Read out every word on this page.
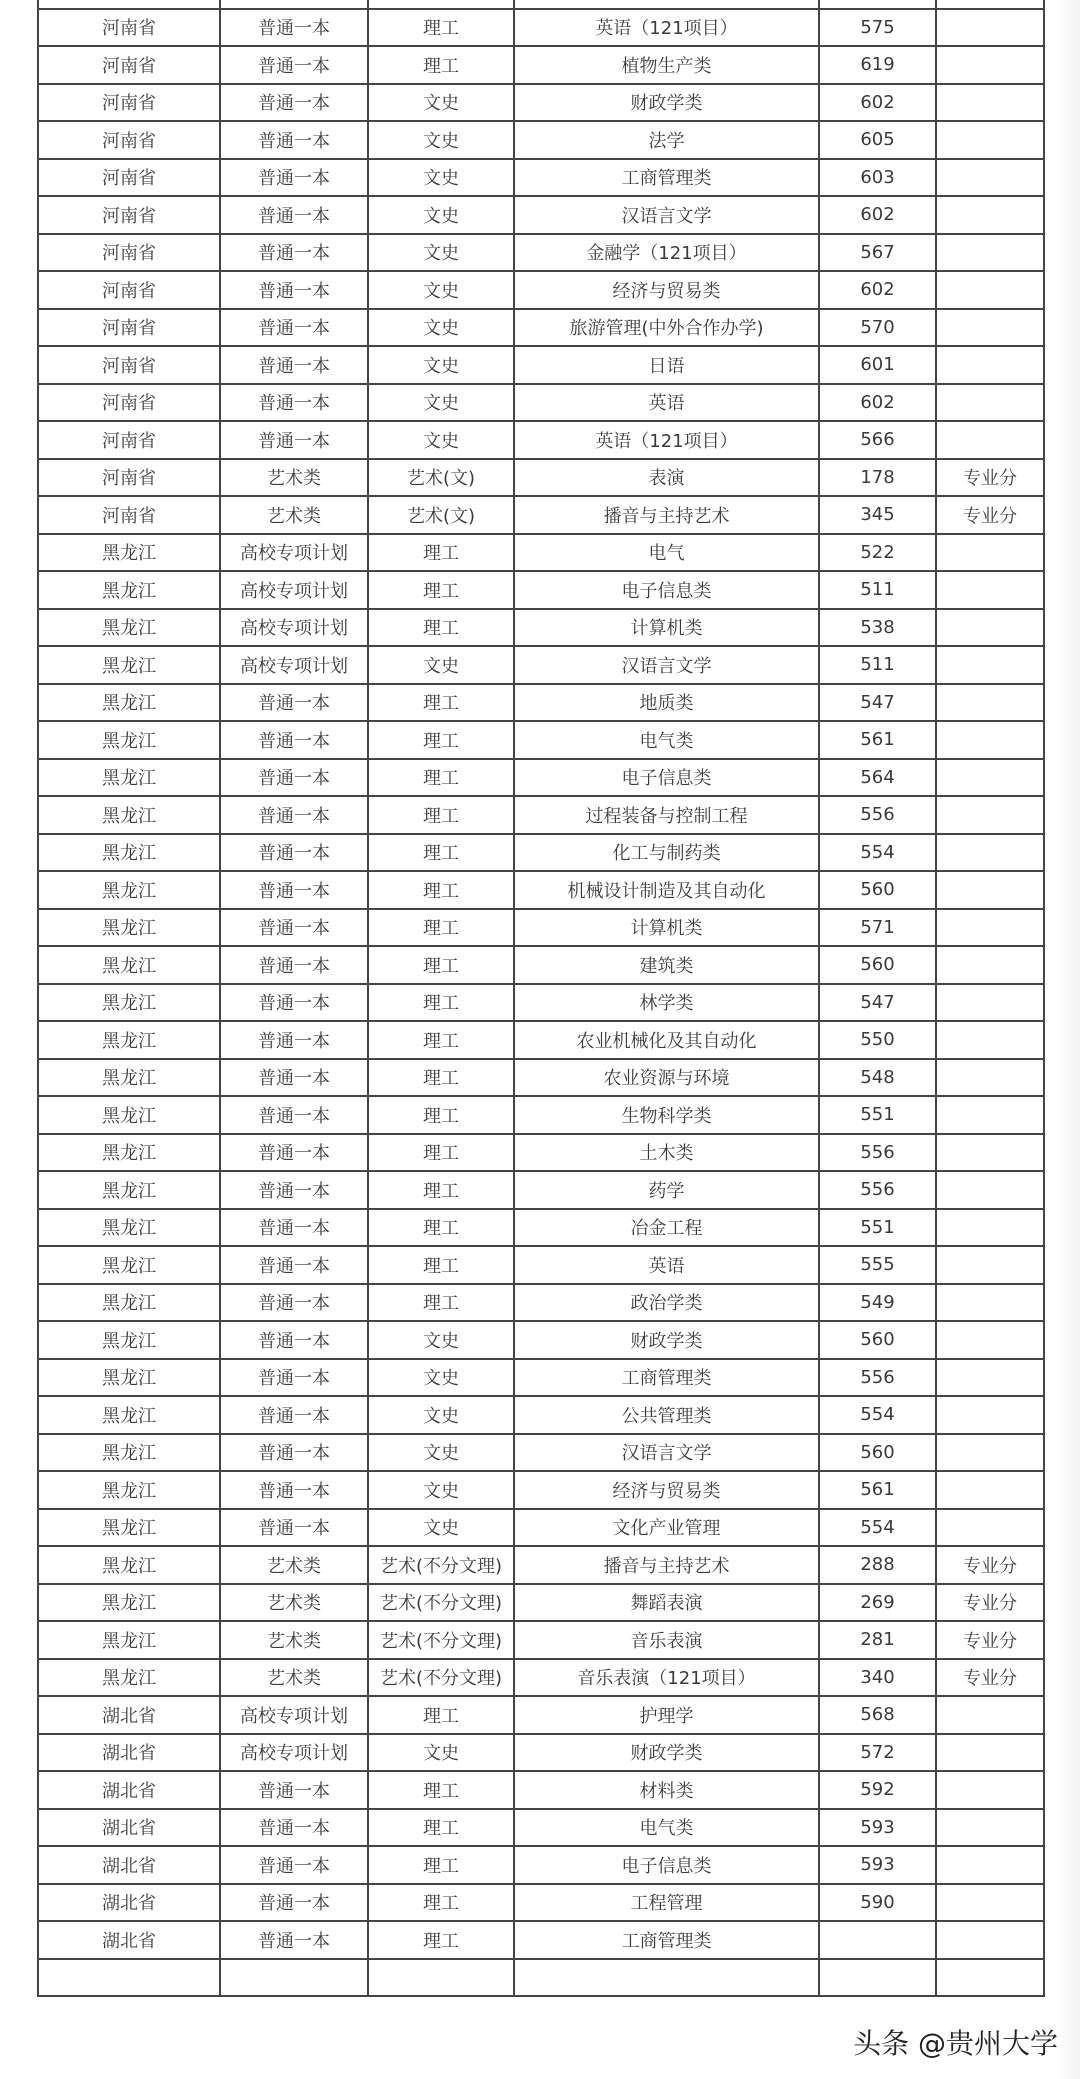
河南省	普通一本	理工	英语（121项目）	575	
河南省	普通一本	理工	植物生产类	619	
河南省	普通一本	文史	财政学类	602	
河南省	普通一本	文史	法学	605	
河南省	普通一本	文史	工商管理类	603	
河南省	普通一本	文史	汉语言文学	602	
河南省	普通一本	文史	金融学（121项目）	567	
河南省	普通一本	文史	经济与贸易类	602	
河南省	普通一本	文史	旅游管理(中外合作办学)	570	
河南省	普通一本	文史	日语	601	
河南省	普通一本	文史	英语	602	
河南省	普通一本	文史	英语（121项目）	566	
河南省	艺术类	艺术(文)	表演	178	专业分
河南省	艺术类	艺术(文)	播音与主持艺术	345	专业分
黑龙江	高校专项计划	理工	电气	522	
黑龙江	高校专项计划	理工	电子信息类	511	
黑龙江	高校专项计划	理工	计算机类	538	
黑龙江	高校专项计划	文史	汉语言文学	511	
黑龙江	普通一本	理工	地质类	547	
黑龙江	普通一本	理工	电气类	561	
黑龙江	普通一本	理工	电子信息类	564	
黑龙江	普通一本	理工	过程装备与控制工程	556	
黑龙江	普通一本	理工	化工与制药类	554	
黑龙江	普通一本	理工	机械设计制造及其自动化	560	
黑龙江	普通一本	理工	计算机类	571	
黑龙江	普通一本	理工	建筑类	560	
黑龙江	普通一本	理工	林学类	547	
黑龙江	普通一本	理工	农业机械化及其自动化	550	
黑龙江	普通一本	理工	农业资源与环境	548	
黑龙江	普通一本	理工	生物科学类	551	
黑龙江	普通一本	理工	土木类	556	
黑龙江	普通一本	理工	药学	556	
黑龙江	普通一本	理工	冶金工程	551	
黑龙江	普通一本	理工	英语	555	
黑龙江	普通一本	理工	政治学类	549	
黑龙江	普通一本	文史	财政学类	560	
黑龙江	普通一本	文史	工商管理类	556	
黑龙江	普通一本	文史	公共管理类	554	
黑龙江	普通一本	文史	汉语言文学	560	
黑龙江	普通一本	文史	经济与贸易类	561	
黑龙江	普通一本	文史	文化产业管理	554	
黑龙江	艺术类	艺术(不分文理)	播音与主持艺术	288	专业分
黑龙江	艺术类	艺术(不分文理)	舞蹈表演	269	专业分
黑龙江	艺术类	艺术(不分文理)	音乐表演	281	专业分
黑龙江	艺术类	艺术(不分文理)	音乐表演（121项目）	340	专业分
湖北省	高校专项计划	理工	护理学	568	
湖北省	高校专项计划	文史	财政学类	572	
湖北省	普通一本	理工	材料类	592	
湖北省	普通一本	理工	电气类	593	
湖北省	普通一本	理工	电子信息类	593	
湖北省	普通一本	理工	工程管理	590	
湖北省	普通一本	理工	工商管理类		

头条 @贵州大学
